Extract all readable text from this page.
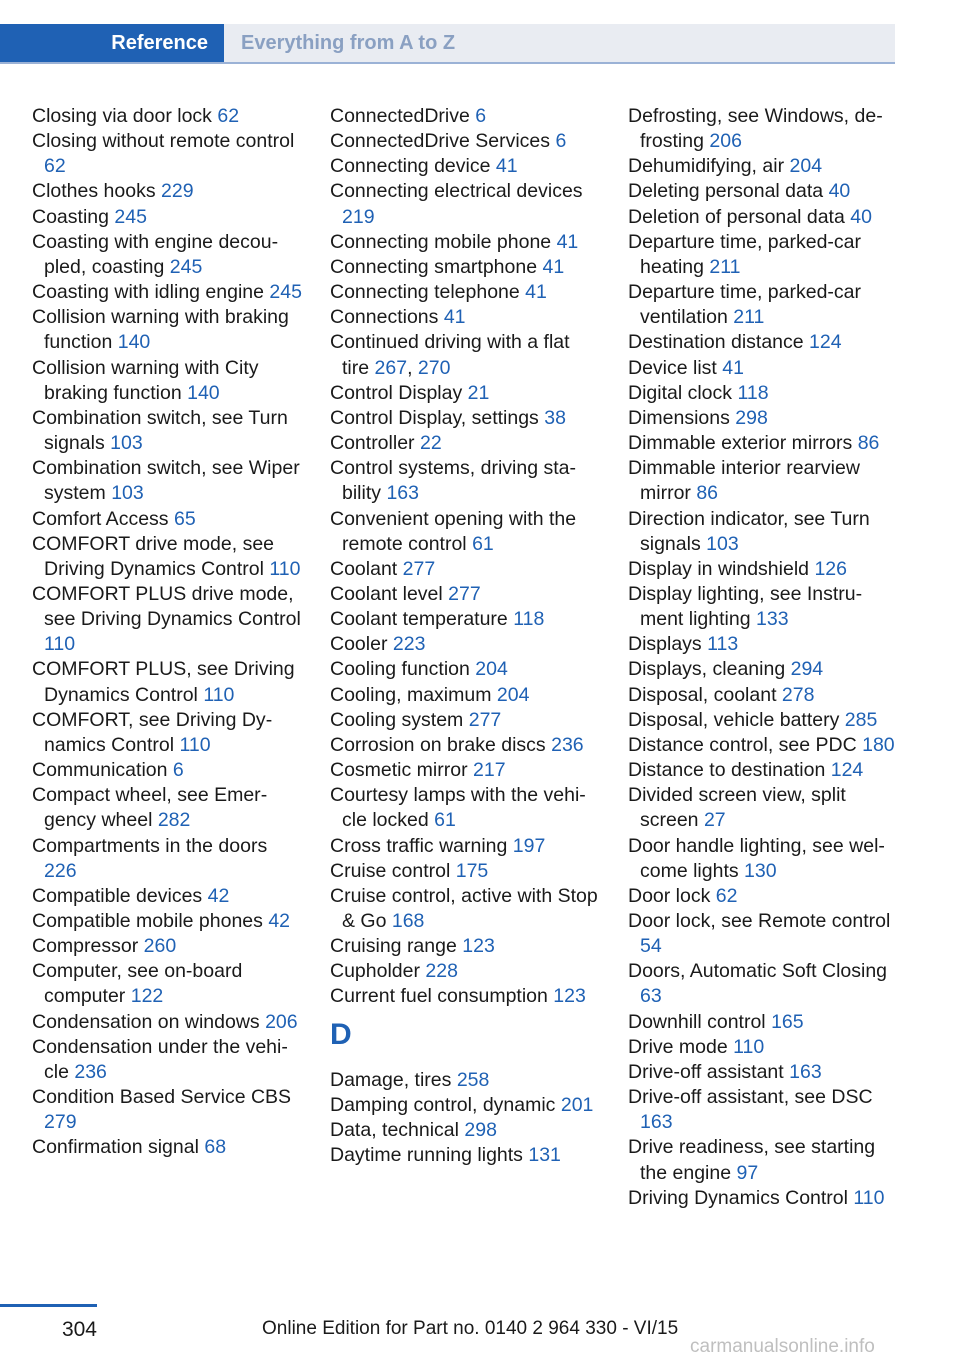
Reference	Everything from A to Z
Closing via door lock 62
Closing without remote control 62
Clothes hooks 229
Coasting 245
Coasting with engine decoupled, coasting 245
Coasting with idling engine 245
Collision warning with braking function 140
Collision warning with City braking function 140
Combination switch, see Turn signals 103
Combination switch, see Wiper system 103
Comfort Access 65
COMFORT drive mode, see Driving Dynamics Control 110
COMFORT PLUS drive mode, see Driving Dynamics Control 110
COMFORT PLUS, see Driving Dynamics Control 110
COMFORT, see Driving Dynamics Control 110
Communication 6
Compact wheel, see Emergency wheel 282
Compartments in the doors 226
Compatible devices 42
Compatible mobile phones 42
Compressor 260
Computer, see on-board computer 122
Condensation on windows 206
Condensation under the vehicle 236
Condition Based Service CBS 279
Confirmation signal 68
ConnectedDrive 6
ConnectedDrive Services 6
Connecting device 41
Connecting electrical devices 219
Connecting mobile phone 41
Connecting smartphone 41
Connecting telephone 41
Connections 41
Continued driving with a flat tire 267, 270
Control Display 21
Control Display, settings 38
Controller 22
Control systems, driving stability 163
Convenient opening with the remote control 61
Coolant 277
Coolant level 277
Coolant temperature 118
Cooler 223
Cooling function 204
Cooling, maximum 204
Cooling system 277
Corrosion on brake discs 236
Cosmetic mirror 217
Courtesy lamps with the vehicle locked 61
Cross traffic warning 197
Cruise control 175
Cruise control, active with Stop & Go 168
Cruising range 123
Cupholder 228
Current fuel consumption 123
D
Damage, tires 258
Damping control, dynamic 201
Data, technical 298
Daytime running lights 131
Defrosting, see Windows, defrosting 206
Dehumidifying, air 204
Deleting personal data 40
Deletion of personal data 40
Departure time, parked-car heating 211
Departure time, parked-car ventilation 211
Destination distance 124
Device list 41
Digital clock 118
Dimensions 298
Dimmable exterior mirrors 86
Dimmable interior rearview mirror 86
Direction indicator, see Turn signals 103
Display in windshield 126
Display lighting, see Instrument lighting 133
Displays 113
Displays, cleaning 294
Disposal, coolant 278
Disposal, vehicle battery 285
Distance control, see PDC 180
Distance to destination 124
Divided screen view, split screen 27
Door handle lighting, see welcome lights 130
Door lock 62
Door lock, see Remote control 54
Doors, Automatic Soft Closing 63
Downhill control 165
Drive mode 110
Drive-off assistant 163
Drive-off assistant, see DSC 163
Drive readiness, see starting the engine 97
Driving Dynamics Control 110
304	Online Edition for Part no. 0140 2 964 330 - VI/15
carmanualsonline.info
